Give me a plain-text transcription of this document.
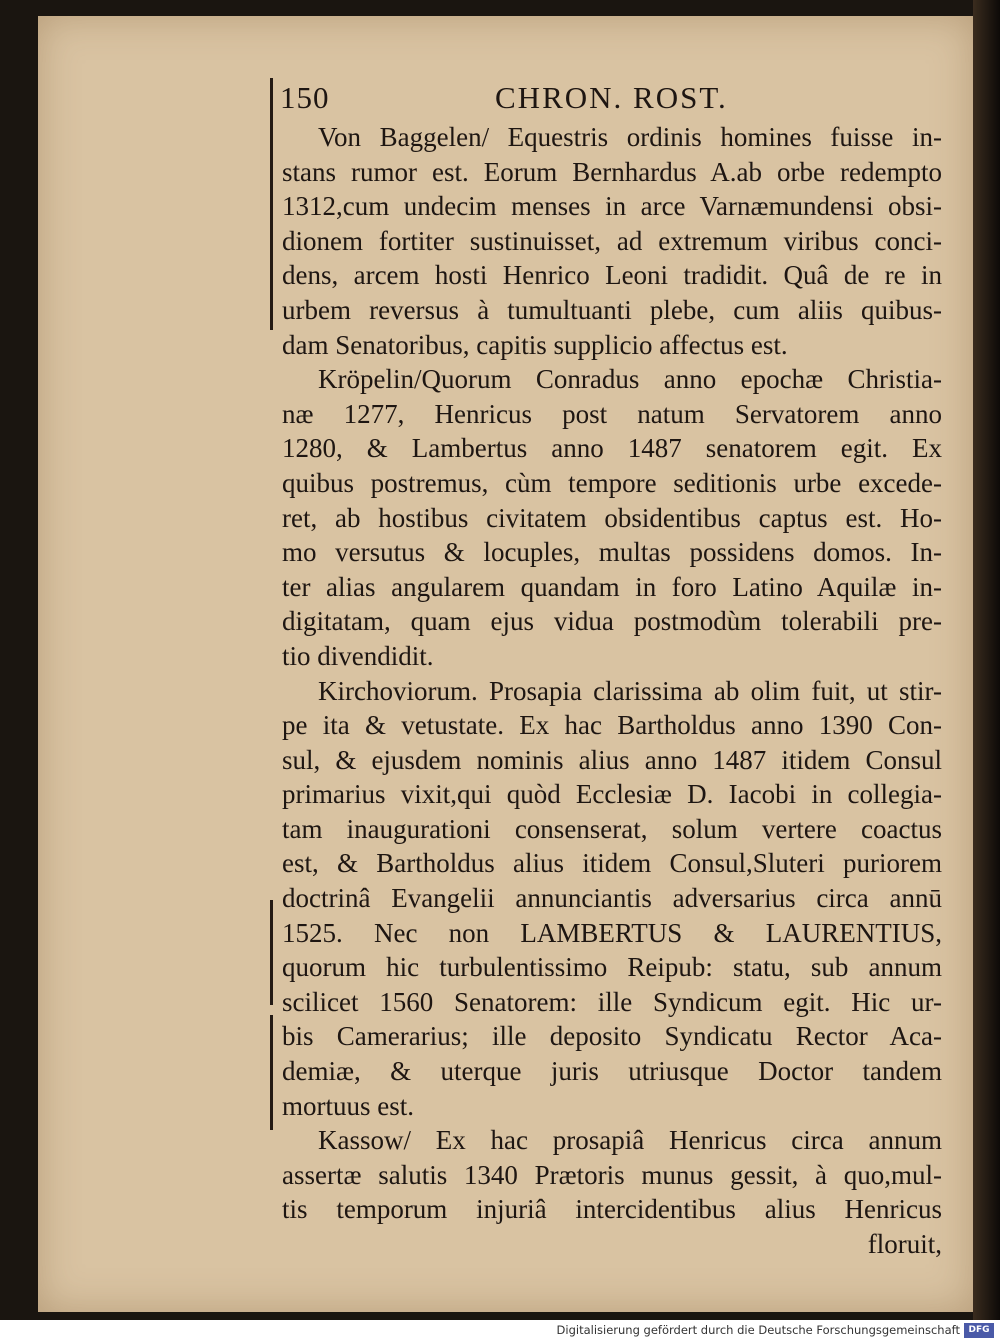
150	CHRON. ROST.
Von Baggelen/ Equestris ordinis homines fuisse in-
stans rumor est. Eorum Bernhardus A.ab orbe redempto
1312,cum undecim menses in arce Varnæmundensi obsi-
dionem fortiter sustinuisset, ad extremum viribus conci-
dens, arcem hosti Henrico Leoni tradidit. Quâ de re in
urbem reversus à tumultuanti plebe, cum aliis quibus-
dam Senatoribus, capitis supplicio affectus est.
Kröpelin/Quorum Conradus anno epochæ Christia-
næ 1277, Henricus post natum Servatorem anno
1280, & Lambertus anno 1487 senatorem egit. Ex
quibus postremus, cùm tempore seditionis urbe excede-
ret, ab hostibus civitatem obsidentibus captus est. Ho-
mo versutus & locuples, multas possidens domos. In-
ter alias angularem quandam in foro Latino Aquilæ in-
digitatam, quam ejus vidua postmodùm tolerabili pre-
tio divendidit.
Kirchoviorum. Prosapia clarissima ab olim fuit, ut stir-
pe ita & vetustate. Ex hac Bartholdus anno 1390 Con-
sul, & ejusdem nominis alius anno 1487 itidem Consul
primarius vixit,qui quòd Ecclesiæ D. Iacobi in collegia-
tam inaugurationi consenserat, solum vertere coactus
est, & Bartholdus alius itidem Consul,Sluteri puriorem
doctrinâ Evangelii annunciantis adversarius circa annū
1525. Nec non LAMBERTUS & LAURENTIUS,
quorum hic turbulentissimo Reipub: statu, sub annum
scilicet 1560 Senatorem: ille Syndicum egit. Hic ur-
bis Camerarius; ille deposito Syndicatu Rector Aca-
demiæ, & uterque juris utriusque Doctor tandem
mortuus est.
Kassow/ Ex hac prosapiâ Henricus circa annum
assertæ salutis 1340 Prætoris munus gessit, à quo,mul-
tis temporum injuriâ intercidentibus alius Henricus
floruit,
Digitalisierung gefördert durch die Deutsche Forschungsgemeinschaft DFG
